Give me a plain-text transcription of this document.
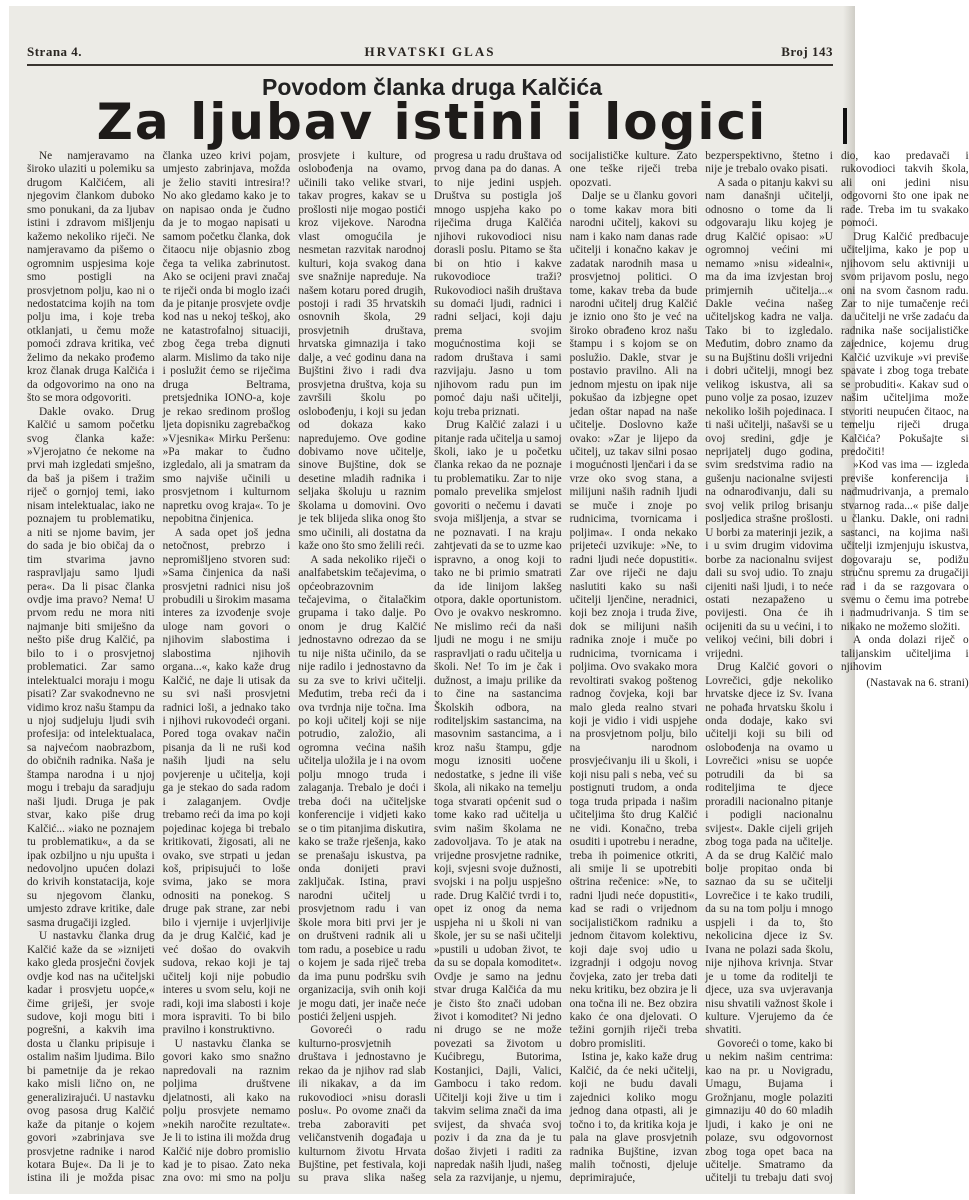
Strana 4.	HRVATSKI GLAS	Broj 143
Povodom članka druga Kalčića
Za ljubav istini i logici

Ne namjeravamo na široko ulaziti u polemiku sa drugom Kalčićem, ali njegovim člankom duboko smo ponukani, da za ljubav istini i zdravom mišljenju kažemo nekoliko riječi. Ne namjeravamo da pišemo o ogromnim uspjesima koje smo postigli na prosvjetnom polju, kao ni o nedostatcima kojih na tom polju ima, i koje treba otklanjati, u čemu može pomoći zdrava kritika, već želimo da nekako prođemo kroz članak druga Kalčića i da odgovorimo na ono na što se mora odgovoriti.

Dakle ovako. Drug Kalčić u samom početku svog članka kaže: »Vjerojatno će nekome na prvi mah izgledati smješno, da baš ja pišem i tražim riječ o gornjoj temi, iako nisam intelektualac, iako ne poznajem tu problematiku, a niti se njome bavim, jer do sada je bio običaj da o tim stvarima javno raspravljaju samo ljudi pera«. Da li pisac članka ovdje ima pravo? Nema! U prvom redu ne mora niti najmanje biti smiješno da nešto piše drug Kalčić, pa bilo to i o prosvjetnoj problematici. Zar samo intelektualci moraju i mogu pisati? Zar svakodnevno ne vidimo kroz našu štampu da u njoj sudjeluju ljudi svih profesija: od intelektualaca, sa najvećom naobrazbom, do običnih radnika. Naša je štampa narodna i u njoj mogu i trebaju da saradjuju naši ljudi. Druga je pak stvar, kako piše drug Kalčić... »iako ne poznajem tu problematiku«, a da se ipak ozbiljno u nju upušta i nedovoljno upućen dolazi do krivih konstatacija, koje su njegovom članku, umjesto zdrave kritike, dale sasma drugačiji izgled.

U nastavku članka drug Kalčić kaže da se »iznijeti kako gleda prosječni čovjek ovdje kod nas na učiteljski kadar i prosvjetu uopće,« čime griješi, jer svoje sudove, koji mogu biti i pogrešni, a kakvih ima dosta u članku pripisuje i ostalim našim ljudima. Bilo bi pametnije da je rekao kako misli lično on, ne generalizirajući. U nastavku ovog pasosa drug Kalčić kaže da pitanje o kojem govori »zabrinjava sve prosvjetne radnike i narod kotara Buje«. Da li je to istina ili je možda pisac članka uzeo krivi pojam, umjesto zabrinjava, možda je želio staviti intresira!? No ako gledamo kako je to on napisao onda je čudno da je to mogao napisati u samom početku članka, dok čitaocu nije objasnio zbog čega ta velika zabrinutost. Ako se ocijeni pravi značaj te riječi onda bi moglo izaći da je pitanje prosvjete ovdje kod nas u nekoj teškoj, ako ne katastrofalnoj situaciji, zbog čega treba dignuti alarm. Mislimo da tako nije i poslužit ćemo se riječima druga Beltrama, pretsjednika IONO-a, koje je rekao sredinom prošlog ljeta dopisniku zagrebačkog »Vjesnika« Mirku Peršenu: »Pa makar to čudno izgledalo, ali ja smatram da smo najviše učinili u prosvjetnom i kulturnom napretku ovog kraja«. To je nepobitna činjenica.

A sada opet još jedna netočnost, prebrzo i nepromišljeno stvoren sud: »Sama činjenica da naši prosvjetni radnici nisu još probudili u širokim masama interes za izvođenje svoje uloge nam govori o njihovim slabostima i slabostima njihovih organa...«, kako kaže drug Kalčić, ne daje li utisak da su svi naši prosvjetni radnici loši, a jednako tako i njihovi rukovodeći organi. Pored toga ovakav način pisanja da li ne ruši kod naših ljudi na selu povjerenje u učitelja, koji ga je stekao do sada radom i zalaganjem. Ovdje trebamo reći da ima po koji pojedinac kojega bi trebalo kritikovati, žigosati, ali ne ovako, sve strpati u jedan koš, pripisujući to loše svima, jako se mora odnositi na ponekog. S druge pak strane, zar nebi bilo i vjernije i uvjerljivije da je drug Kalčić, kad je već došao do ovakvih sudova, rekao koji je taj učitelj koji nije pobudio interes u svom selu, koji ne radi, koji ima slabosti i koje mora ispraviti. To bi bilo pravilno i konstruktivno.

U nastavku članka se govori kako smo snažno napredovali na raznim poljima društvene djelatnosti, ali kako na polju prosvjete nemamo »nekih naročite rezultate«. Je li to istina ili možda drug Kalčić nije dobro promislio kad je to pisao. Zato neka zna ovo: mi smo na polju prosvjete i kulture, od oslobođenja na ovamo, učinili tako velike stvari, takav progres, kakav se u prošlosti nije mogao postići kroz vijekove. Narodna vlast omogućila je nesmetan razvitak narodnoj kulturi, koja svakog dana sve snažnije napreduje. Na našem kotaru pored drugih, postoji i radi 35 hrvatskih osnovnih škola, 29 prosvjetnih društava, hrvatska gimnazija i tako dalje, a već godinu dana na Bujštini živo i radi dva prosvjetna društva, koja su završili školu po oslobođenju, i koji su jedan od dokaza kako napredujemo. Ove godine dobivamo nove učitelje, sinove Bujštine, dok se desetine mladih radnika i seljaka školuju u raznim školama u domovini. Ovo je tek blijeda slika onog što smo učinili, ali dostatna da kaže ono što smo želili reći.

A sada nekoliko riječi o analfabetskim tečajevima, o općeobrazovnim tečajevima, o čitalačkim grupama i tako dalje. Po onom je drug Kalčić jednostavno odrezao da se tu nije ništa učinilo, da se nije radilo i jednostavno da su za sve to krivi učitelji. Međutim, treba reći da i ova tvrdnja nije točna. Ima po koji učitelj koji se nije potrudio, založio, ali ogromna većina naših učitelja uložila je i na ovom polju mnogo truda i zalaganja. Trebalo je doći i treba doći na učiteljske konferencije i vidjeti kako se o tim pitanjima diskutira, kako se traže rješenja, kako se prenašaju iskustva, pa onda donijeti pravi zaključak. Istina, pravi narodni učitelj u prosvjetnom radu i van škole mora biti prvi jer je on društveni radnik ali u tom radu, a posebice u radu o kojem je sada riječ treba da ima punu podršku svih organizacija, svih onih koji je mogu dati, jer inače neće postići željeni uspjeh.

Govoreći o radu kulturno-prosvjetnih društava i jednostavno je rekao da je njihov rad slab ili nikakav, a da im rukovodioci »nisu dorasli poslu«. Po ovome znači da treba zaboraviti pet veličanstvenih događaja u kulturnom životu Hrvata Bujštine, pet festivala, koji su prava slika našeg progresa u radu društava od prvog dana pa do danas. A to nije jedini uspjeh. Društva su postigla još mnogo uspjeha kako po riječima druga Kalčića njihovi rukovodioci nisu dorasli poslu. Pitamo se šta bi on htio i kakve rukovodioce traži? Rukovodioci naših društava su domaći ljudi, radnici i radni seljaci, koji daju prema svojim mogućnostima koji se radom društava i sami razvijaju. Jasno u tom njihovom radu pun im pomoć daju naši učitelji, koju treba priznati.

Drug Kalčić zalazi i u pitanje rada učitelja u samoj školi, iako je u početku članka rekao da ne poznaje tu problematiku. Zar to nije pomalo prevelika smjelost govoriti o nečemu i davati svoja mišljenja, a stvar se ne poznavati. I na kraju zahtjevati da se to uzme kao ispravno, a onog koji to tako ne bi primio smatrati da ide linijom lakšeg otpora, dakle oportunistom. Ovo je ovakvo neskromno. Ne mislimo reći da naši ljudi ne mogu i ne smiju raspravljati o radu učitelja u školi. Ne! To im je čak i dužnost, a imaju prilike da to čine na sastancima Školskih odbora, na roditeljskim sastancima, na masovnim sastancima, a i kroz našu štampu, gdje mogu iznositi uočene nedostatke, s jedne ili više škola, ali nikako na temelju toga stvarati općenit sud o tome kako rad učitelja u svim našim školama ne zadovoljava. To je atak na vrijedne prosvjetne radnike, koji, svjesni svoje dužnosti, svojski i na polju uspješno rade. Drug Kalčić tvrdi i to, opet iz onog da nema uspjeha ni u školi ni van škole, jer su se naši učitelji »pustili u udoban život, te da su se dopala komoditet«. Ovdje je samo na jednu stvar druga Kalčića da mu je čisto što znači udoban život i komoditet? Ni jedno ni drugo se ne može povezati sa životom u Kućibregu, Butorima, Kostanjici, Dajli, Valici, Gambocu i tako redom. Učitelji koji žive u tim i takvim selima znači da ima svijest, da shvaća svoj poziv i da zna da je tu došao živjeti i raditi za napredak naših ljudi, našeg sela za razvijanje, u njemu, socijalističke kulture. Zato one teške riječi treba opozvati.

Dalje se u članku govori o tome kakav mora biti narodni učitelj, kakovi su nam i kako nam danas rade učitelji i konačno kakav je zadatak narodnih masa u prosvjetnoj politici. O tome, kakav treba da bude narodni učitelj drug Kalčić je iznio ono što je već na široko obrađeno kroz našu štampu i s kojom se on poslužio. Dakle, stvar je postavio pravilno. Ali na jednom mjestu on ipak nije pokušao da izbjegne opet jedan oštar napad na naše učitelje. Doslovno kaže ovako: »Zar je lijepo da učitelj, uz takav silni posao i mogućnosti ljenčari i da se vrze oko svog stana, a milijuni naših radnih ljudi se muče i znoje po rudnicima, tvornicama i poljima«. I onda nekako prijeteći uzvikuje: »Ne, to radni ljudi neće dopustiti«. Zar ove riječi ne daju naslutiti kako su naši učitelji ljenčine, neradnici, koji bez znoja i truda žive, dok se milijuni naših radnika znoje i muče po rudnicima, tvornicama i poljima. Ovo svakako mora revoltirati svakog poštenog radnog čovjeka, koji bar malo gleda realno stvari koji je vidio i vidi uspjehe na prosvjetnom polju, bilo na narodnom prosvjećivanju ili u školi, i koji nisu pali s neba, već su postignuti trudom, a onda toga truda pripada i našim učiteljima što drug Kalčić ne vidi. Konačno, treba osuditi i upotrebu i neradne, treba ih poimenice otkriti, ali smije li se upotrebiti oštrina rečenice: »Ne, to radni ljudi neće dopustiti«, kad se radi o vrijednom socijalističkom radniku a jednom čitavom kolektivu, koji daje svoj udio u izgradnji i odgoju novog čovjeka, zato jer treba dati neku kritiku, bez obzira je li ona točna ili ne. Bez obzira kako će ona djelovati. O težini gornjih riječi treba dobro promisliti.

Istina je, kako kaže drug Kalčić, da će neki učitelji, koji ne budu davali zajednici koliko mogu jednog dana otpasti, ali je točno i to, da kritika koja je pala na glave prosvjetnih radnika Bujštine, izvan malih točnosti, djeluje deprimirajuće, bezperspektivno, štetno i nije je trebalo ovako pisati.

A sada o pitanju kakvi su nam današnji učitelji, odnosno o tome da li odgovaraju liku kojeg je drug Kalčić opisao: »U ogromnoj većini mi nemamo »nisu »idealni«, ma da ima izvjestan broj primjernih učitelja...« Dakle većina našeg učiteljskog kadra ne valja. Tako bi to izgledalo. Međutim, dobro znamo da su na Bujštinu došli vrijedni i dobri učitelji, mnogi bez velikog iskustva, ali sa puno volje za posao, izuzev nekoliko loših pojedinaca. I ti naši učitelji, našavši se u ovoj sredini, gdje je neprijatelj dugo godina, svim sredstvima radio na gušenju nacionalne svijesti na odnarođivanju, dali su svoj velik prilog brisanju posljedica strašne prošlosti. U borbi za materinji jezik, a i u svim drugim vidovima borbe za nacionalnu svijest dali su svoj udio. To znaju cijeniti naši ljudi, i to neće ostati nezapaženo u povijesti. Ona će ih ocijeniti da su u većini, i to velikoj većini, bili dobri i vrijedni.

Drug Kalčić govori o Lovrečici, gdje nekoliko hrvatske djece iz Sv. Ivana ne pohađa hrvatsku školu i onda dodaje, kako svi učitelji koji su bili od oslobođenja na ovamo u Lovrečici »nisu se uopće potrudili da bi sa roditeljima te djece proradili nacionalno pitanje i podigli nacionalnu svijest«. Dakle cijeli grijeh zbog toga pada na učitelje. A da se drug Kalčić malo bolje propitao onda bi saznao da su se učitelji Lovrečice i te kako trudili, da su na tom polju i mnogo uspjeli i da to, što nekolicina djece iz Sv. Ivana ne polazi sada školu, nije njihova krivnja. Stvar je u tome da roditelji te djece, uza sva uvjeravanja nisu shvatili važnost škole i kulture. Vjerujemo da će shvatiti.

Govoreći o tome, kako bi u nekim našim centrima: kao na pr. u Novigradu, Umagu, Bujama i Grožnjanu, mogle polaziti gimnaziju 40 do 60 mladih ljudi, i kako je oni ne polaze, svu odgovornost zbog toga opet baca na učitelje. Smatramo da učitelji tu trebaju dati svoj dio, kao predavači i rukovodioci takvih škola, ali oni jedini nisu odgovorni što one ipak ne rade. Treba im tu svakako pomoći.

Drug Kalčić predbacuje učiteljima, kako je pop u njihovom selu aktivniji u svom prijavom poslu, nego oni na svom časnom radu. Zar to nije tumačenje reći da učitelji ne vrše zadaću da radnika naše socijalističke zajednice, kojemu drug Kalčić uzvikuje »vi previše spavate i zbog toga trebate se probuditi«. Kakav sud o našim učiteljima može stvoriti neupućen čitaoc, na temelju riječi druga Kalčića? Pokušajte si predočiti!

»Kod vas ima — izgleda previše konferencija i nadmudrivanja, a premalo stvarnog rada...« piše dalje u članku. Dakle, oni radni sastanci, na kojima naši učitelji izmjenjuju iskustva, dogovaraju se, podižu stručnu spremu za drugačiji rad i da se razgovara o svemu o čemu ima potrebe i nadmudrivanja. S tim se nikako ne možemo složiti.

A onda dolazi riječ o talijanskim učiteljima i njihovim

(Nastavak na 6. strani)
